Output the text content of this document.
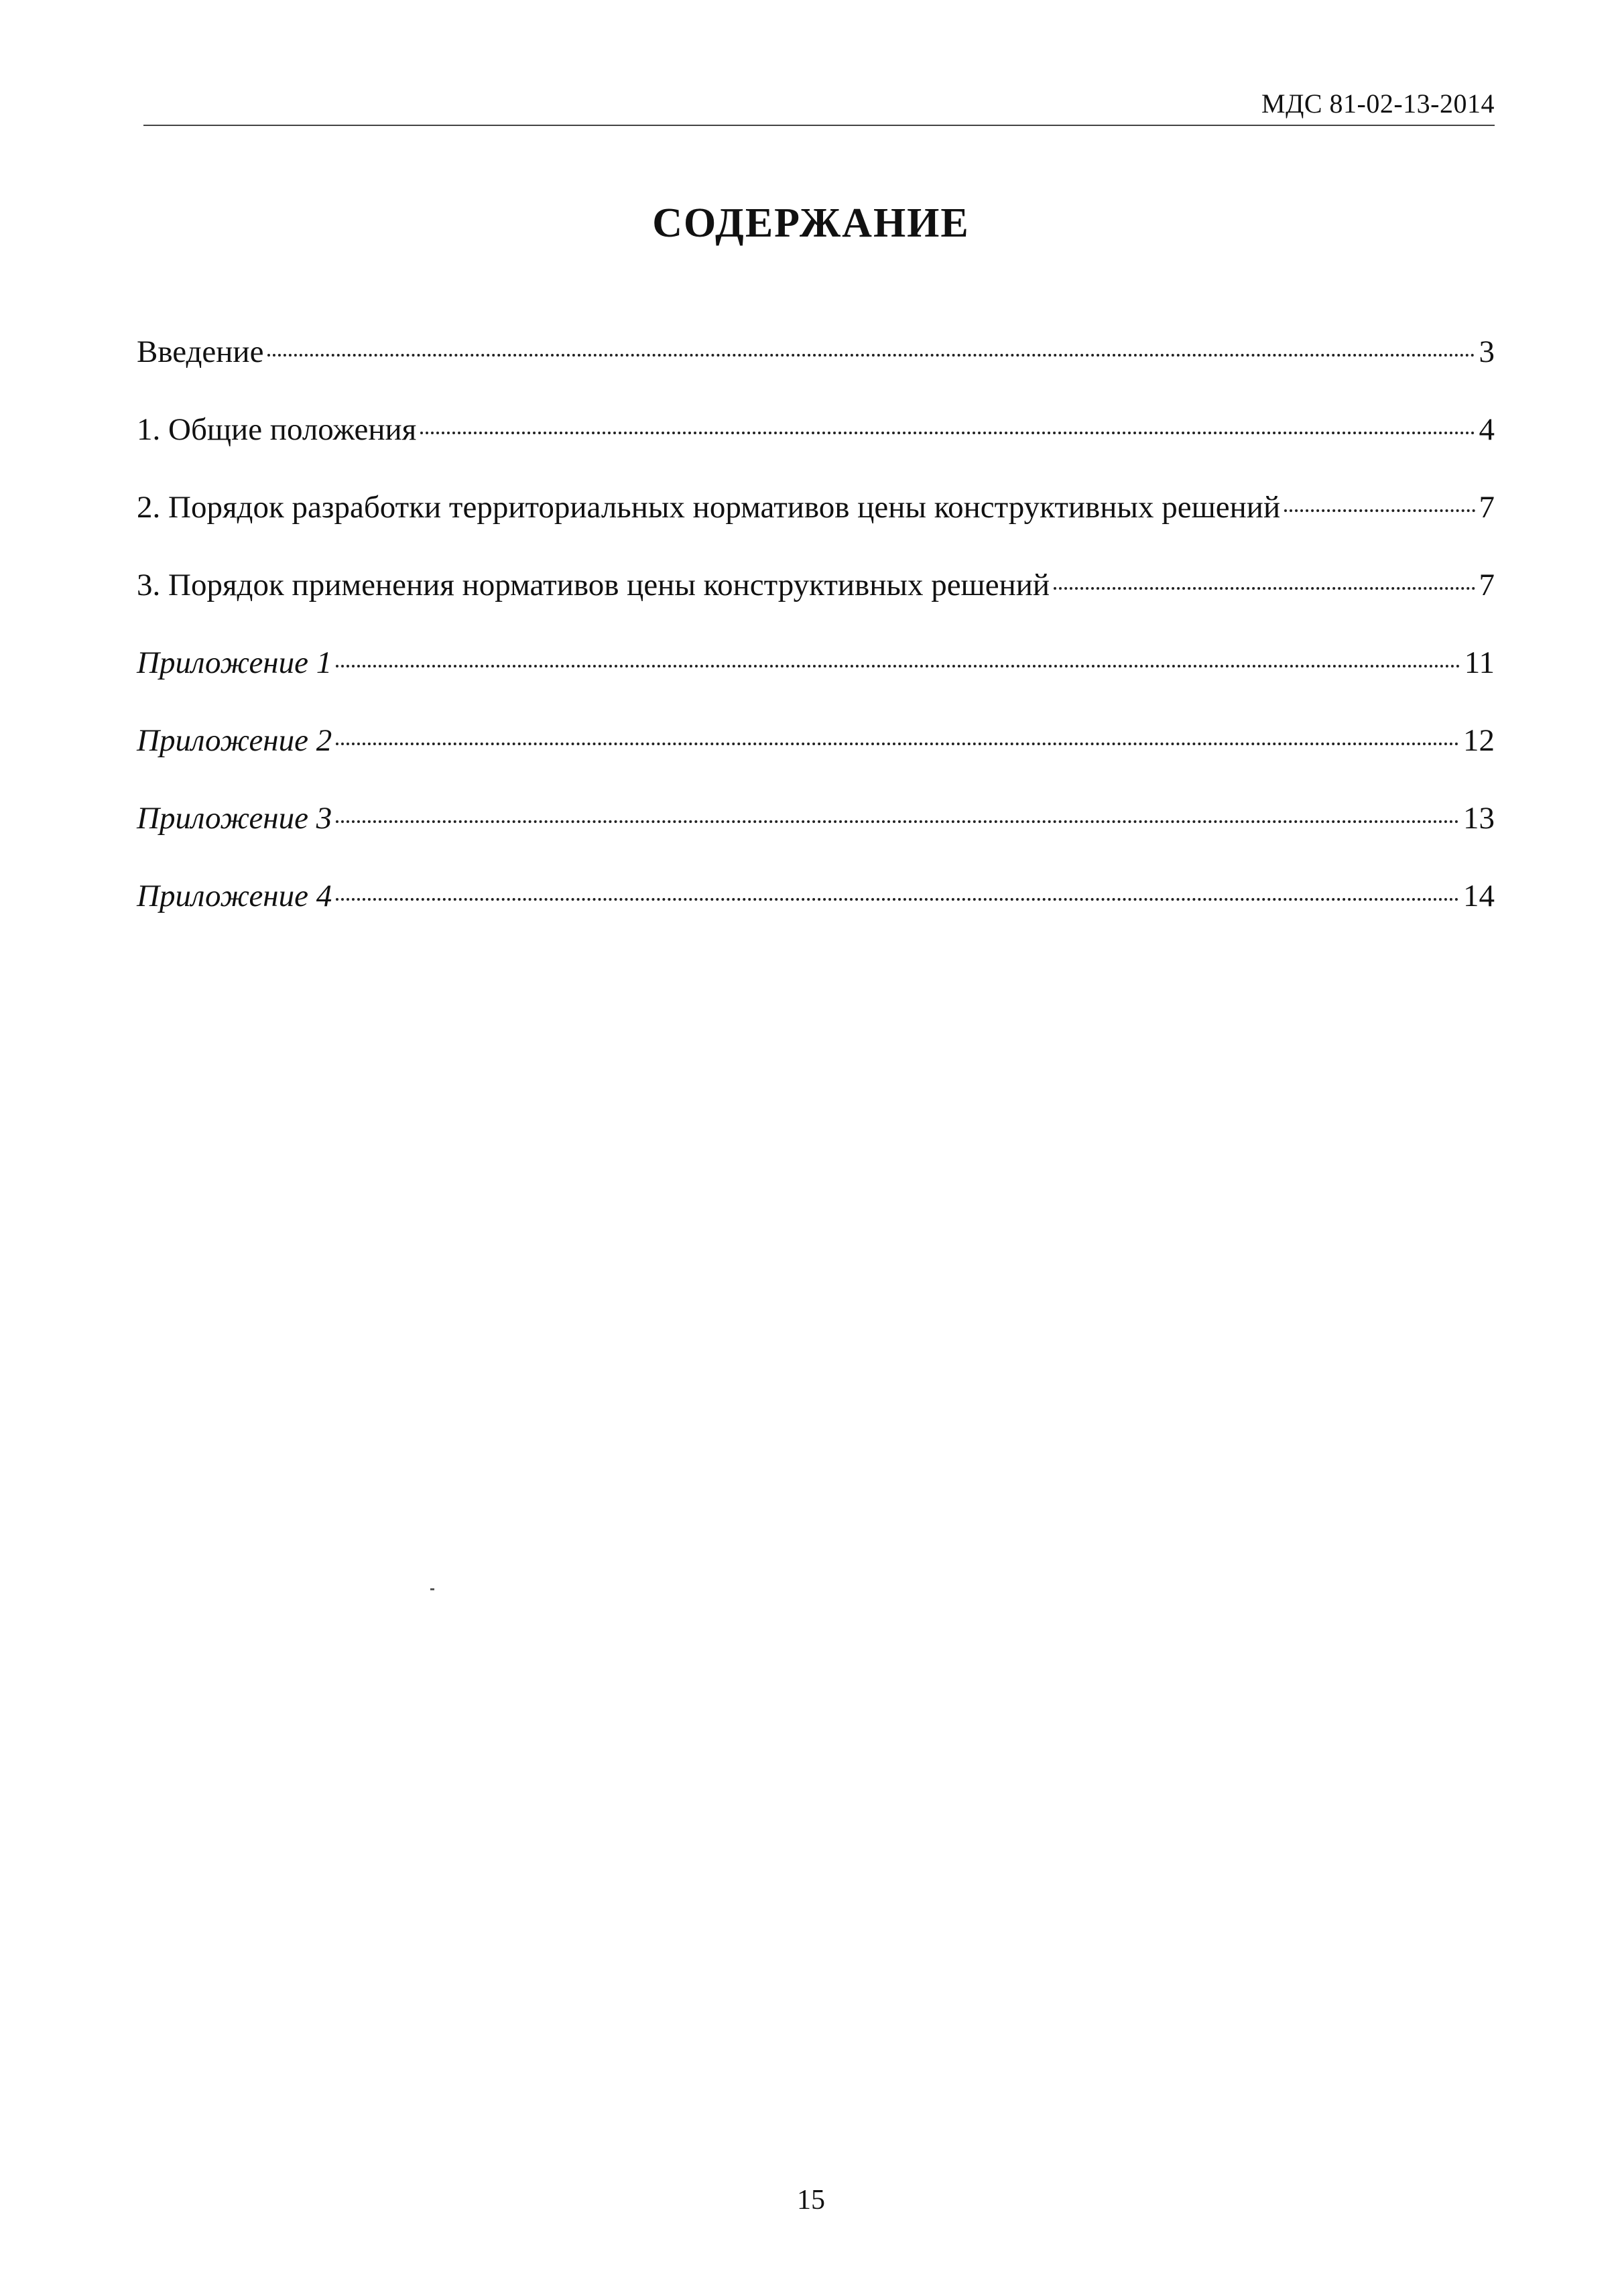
МДС 81-02-13-2014
СОДЕРЖАНИЕ
Введение	3
1. Общие положения	4
2. Порядок разработки территориальных нормативов цены конструктивных решений	7
3. Порядок применения нормативов цены конструктивных решений	7
Приложение 1	11
Приложение 2	12
Приложение 3	13
Приложение 4	14
15
